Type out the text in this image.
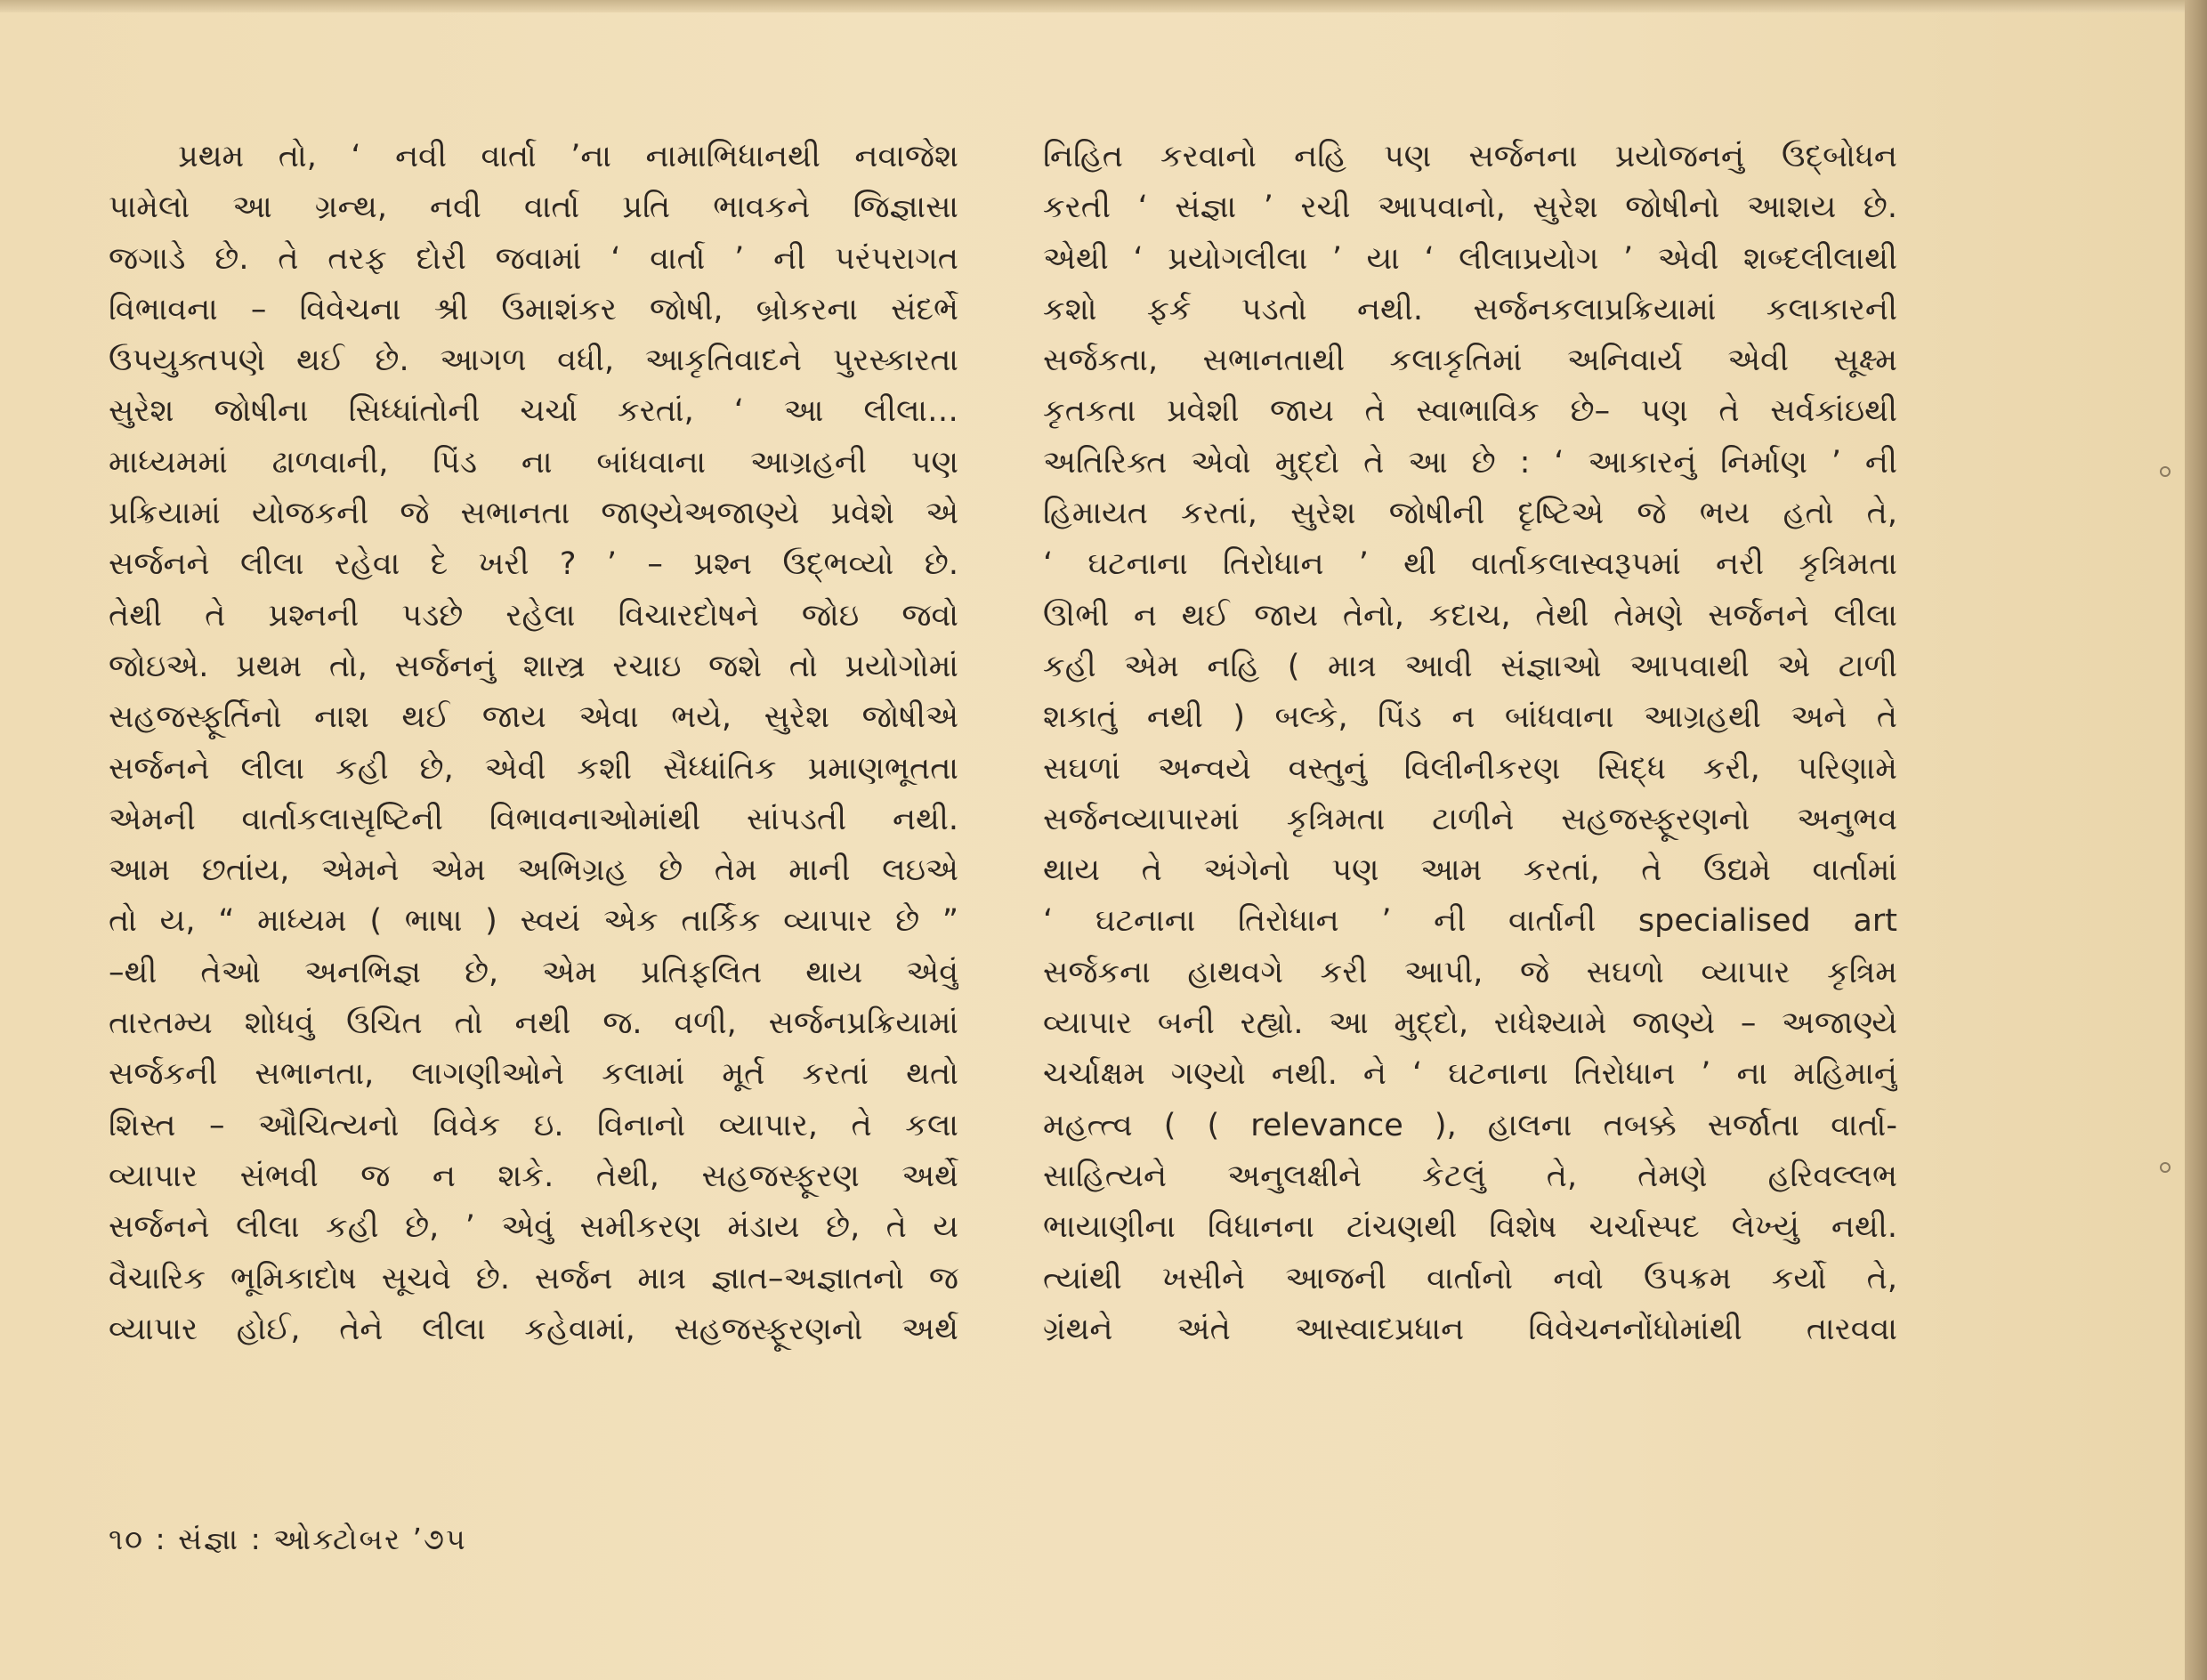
પ્રથમ તો, ‘ નવી વાર્તા ’ના નામાભિધાનથી નવાજેશ
પામેલો આ ગ્રન્થ, નવી વાર્તા પ્રતિ ભાવકને જિજ્ઞાસા
જગાડે છે. તે તરફ દોરી જવામાં ‘ વાર્તા ’ ની પરંપરાગત
વિભાવના – વિવેચના શ્રી ઉમાશંકર જોષી, બ્રોકરના સંદર્ભે
ઉપયુક્તપણે થઈ છે. આગળ વધી, આકૃતિવાદને પુરસ્કારતા
સુરેશ જોષીના સિધ્ધાંતોની ચર્ચા કરતાં, ‘ આ લીલા…
માધ્યમમાં ઢાળવાની, પિંડ ના બાંધવાના આગ્રહની પણ
પ્રક્રિયામાં યોજકની જે સભાનતા જાણ્યેઅજાણ્યે પ્રવેશે એ
સર્જનને લીલા રહેવા દે ખરી ? ’ – પ્રશ્ન ઉદ્ભવ્યો છે.
તેથી તે પ્રશ્નની પડછે રહેલા વિચારદોષને જોઇ જવો
જોઇએ. પ્રથમ તો, સર્જનનું શાસ્ત્ર રચાઇ જશે તો પ્રયોગોમાં
સહજસ્ફૂર્તિનો નાશ થઈ જાય એવા ભયે, સુરેશ જોષીએ
સર્જનને લીલા કહી છે, એવી કશી સૈધ્ધાંતિક પ્રમાણભૂતતા
એમની વાર્તાકલાસૃષ્ટિની વિભાવનાઓમાંથી સાંપડતી નથી.
આમ છતાંય, એમને એમ અભિગ્રહ છે તેમ માની લઇએ
તો ય, “ માધ્યમ ( ભાષા ) સ્વયં એક તાર્કિક વ્યાપાર છે ”
–થી તેઓ અનભિજ્ઞ છે, એમ પ્રતિફલિત થાય એવું
તારતમ્ય શોધવું ઉચિત તો નથી જ. વળી, સર્જનપ્રક્રિયામાં
સર્જકની સભાનતા, લાગણીઓને કલામાં મૂર્ત કરતાં થતો
શિસ્ત – ઔચિત્યનો વિવેક ઇ. વિનાનો વ્યાપાર, તે કલા
વ્યાપાર સંભવી જ ન શકે. તેથી, સહજસ્ફૂરણ અર્થે
સર્જનને લીલા કહી છે, ’ એવું સમીકરણ મંડાય છે, તે ય
વૈચારિક ભૂમિકાદોષ સૂચવે છે. સર્જન માત્ર જ્ઞાત–અજ્ઞાતનો જ
વ્યાપાર હોઈ, તેને લીલા કહેવામાં, સહજસ્ફૂરણનો અર્થ
નિહિત કરવાનો નહિ પણ સર્જનના પ્રયોજનનું ઉદ્બોધન
કરતી ‘ સંજ્ઞા ’ રચી આપવાનો, સુરેશ જોષીનો આશય છે.
એથી ‘ પ્રયોગલીલા ’ યા ‘ લીલાપ્રયોગ ’ એવી શબ્દલીલાથી
કશો ફર્ક પડતો નથી. સર્જનકલાપ્રક્રિયામાં કલાકારની
સર્જકતા, સભાનતાથી કલાકૃતિમાં અનિવાર્ય એવી સૂક્ષ્મ
કૃતકતા પ્રવેશી જાય તે સ્વાભાવિક છે– પણ તે સર્વકાંઇથી
અતિરિક્ત એવો મુદ્દો તે આ છે : ‘ આકારનું નિર્માણ ’ ની
હિમાયત કરતાં, સુરેશ જોષીની દૃષ્ટિએ જે ભય હતો તે,
‘ ઘટનાના તિરોધાન ’ થી વાર્તાકલાસ્વરૂપમાં નરી કૃત્રિમતા
ઊભી ન થઈ જાય તેનો, કદાચ, તેથી તેમણે સર્જનને લીલા
કહી એમ નહિ ( માત્ર આવી સંજ્ઞાઓ આપવાથી એ ટાળી
શકાતું નથી ) બલ્કે, પિંડ ન બાંધવાના આગ્રહથી અને તે
સઘળાં અન્વયે વસ્તુનું વિલીનીકરણ સિદ્ધ કરી, પરિણામે
સર્જનવ્યાપારમાં કૃત્રિમતા ટાળીને સહજસ્ફૂરણનો અનુભવ
થાય તે અંગેનો પણ આમ કરતાં, તે ઉદ્યમે વાર્તામાં
‘ ઘટનાના તિરોધાન ’ ની વાર્તાની specialised art
સર્જકના હાથવગે કરી આપી, જે સઘળો વ્યાપાર કૃત્રિમ
વ્યાપાર બની રહ્યો. આ મુદ્દો, રાધેશ્યામે જાણ્યે – અજાણ્યે
ચર્ચાક્ષમ ગણ્યો નથી. ને ‘ ઘટનાના તિરોધાન ’ ના મહિમાનું
મહત્ત્વ ( ( relevance ), હાલના તબક્કે સર્જાતા વાર્તા-
સાહિત્યને અનુલક્ષીને કેટલું તે, તેમણે હરિવલ્લભ
ભાયાણીના વિધાનના ટાંચણથી વિશેષ ચર્ચાસ્પદ લેખ્યું નથી.
ત્યાંથી ખસીને આજની વાર્તાનો નવો ઉપક્રમ કર્યો તે,
ગ્રંથને અંતે આસ્વાદપ્રધાન વિવેચનનોંધોમાંથી તારવવા
૧૦ : સંજ્ઞા : ઓક્ટોબર ’૭૫
